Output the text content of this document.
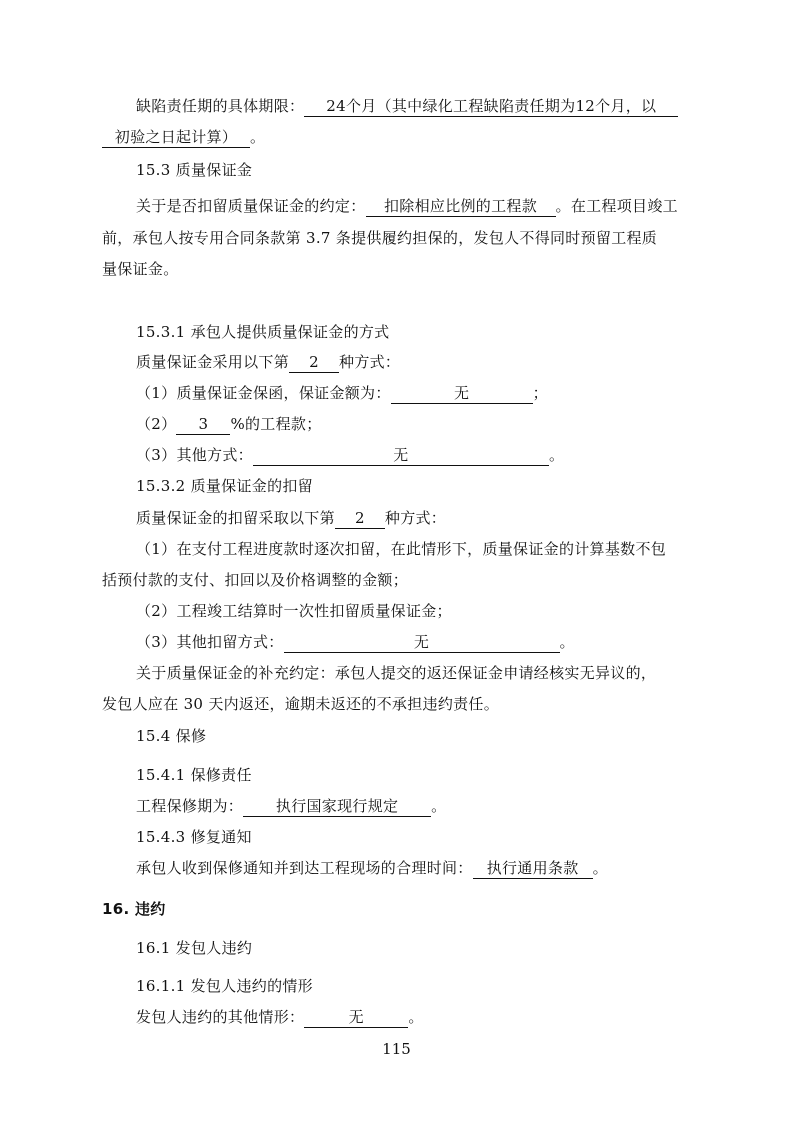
缺陷责任期的具体期限： 24个月（其中绿化工程缺陷责任期为12个月，以
初验之日起计算） 。
15.3 质量保证金
关于是否扣留质量保证金的约定： 扣除相应比例的工程款 。在工程项目竣工
前，承包人按专用合同条款第 3.7 条提供履约担保的，发包人不得同时预留工程质
量保证金。
15.3.1 承包人提供质量保证金的方式
质量保证金采用以下第 2 种方式：
（1）质量保证金保函，保证金额为：	无	；
（2） 3 %的工程款；
（3）其他方式：	无	。
15.3.2 质量保证金的扣留
质量保证金的扣留采取以下第 2 种方式：
（1）在支付工程进度款时逐次扣留，在此情形下，质量保证金的计算基数不包
括预付款的支付、扣回以及价格调整的金额；
（2）工程竣工结算时一次性扣留质量保证金；
（3）其他扣留方式：	无	。
关于质量保证金的补充约定：承包人提交的返还保证金申请经核实无异议的，
发包人应在 30 天内返还，逾期未返还的不承担违约责任。
15.4 保修
15.4.1 保修责任
工程保修期为： 执行国家现行规定 。
15.4.3 修复通知
承包人收到保修通知并到达工程现场的合理时间： 执行通用条款 。
16. 违约
16.1 发包人违约
16.1.1 发包人违约的情形
发包人违约的其他情形：	无	。
115
